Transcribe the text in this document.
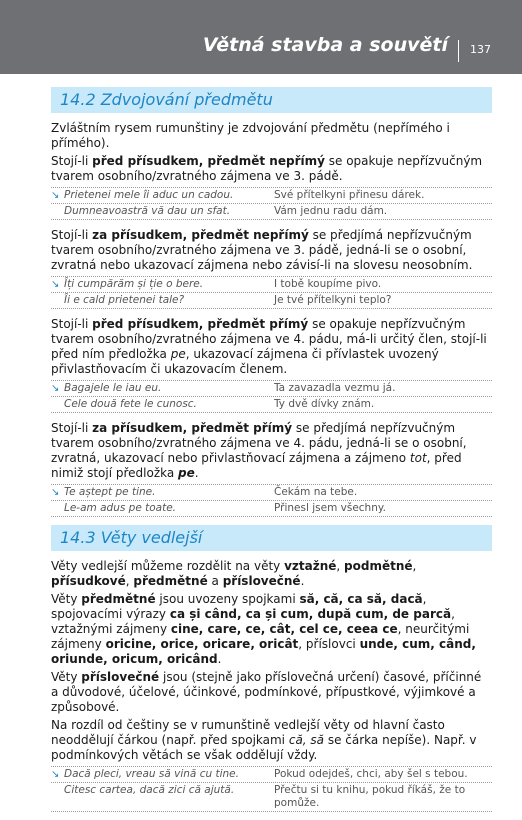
Větná stavba a souvětí 137
14.2 Zdvojování předmětu

Zvláštním rysem rumunštiny je zdvojování předmětu (nepřímého i přímého).

Stojí-li před přísudkem, předmět nepřímý se opakuje nepřízvučným tvarem osobního/zvratného zájmena ve 3. pádě.

↘ Prietenei mele îi aduc un cadou.	Své přítelkyni přinesu dárek.
Dumneavoastră vă dau un sfat.	Vám jednu radu dám.

Stojí-li za přísudkem, předmět nepřímý se předjímá nepřízvučným tvarem osobního/zvratného zájmena ve 3. pádě, jedná-li se o osobní, zvratná nebo ukazovací zájmena nebo závisí-li na slovesu neosobním.

↘ Îți cumpărăm și ție o bere.	I tobě koupíme pivo.
Îi e cald prietenei tale?	Je tvé přítelkyni teplo?

Stojí-li před přísudkem, předmět přímý se opakuje nepřízvučným tvarem osobního/zvratného zájmena ve 4. pádu, má-li určitý člen, stojí-li před ním předložka pe, ukazovací zájmena či přívlastek uvozený přivlastňovacím či ukazovacím členem.

↘ Bagajele le iau eu.	Ta zavazadla vezmu já.
Cele două fete le cunosc.	Ty dvě dívky znám.

Stojí-li za přísudkem, předmět přímý se předjímá nepřízvučným tvarem osobního/zvratného zájmena ve 4. pádu, jedná-li se o osobní, zvratná, ukazovací nebo přivlastňovací zájmena a zájmeno tot, před nimiž stojí předložka pe.

↘ Te aștept pe tine.	Čekám na tebe.
Le-am adus pe toate.	Přinesl jsem všechny.
14.3 Věty vedlejší

Věty vedlejší můžeme rozdělit na věty vztažné, podmětné, přísudkové, předmětné a příslovečné.

Věty předmětné jsou uvozeny spojkami să, că, ca să, dacă, spojovacími výrazy ca și când, ca și cum, după cum, de parcă, vztažnými zájmeny cine, care, ce, cât, cel ce, ceea ce, neurčitými zájmeny oricine, orice, oricare, oricât, příslovci unde, cum, când, oriunde, oricum, oricând.

Věty příslovečné jsou (stejně jako příslovečná určení) časové, příčinné a důvodové, účelové, účinkové, podmínkové, přípustkové, výjimkové a způsobové.

Na rozdíl od češtiny se v rumunštině vedlejší věty od hlavní často neoddělují čárkou (např. před spojkami că, să se čárka nepíše). Např. v podmínkových větách se však oddělují vždy.

↘ Dacă pleci, vreau să vină cu tine.	Pokud odejdeš, chci, aby šel s tebou.
Citesc cartea, dacă zici că ajută.	Přečtu si tu knihu, pokud říkáš, že to pomůže.
